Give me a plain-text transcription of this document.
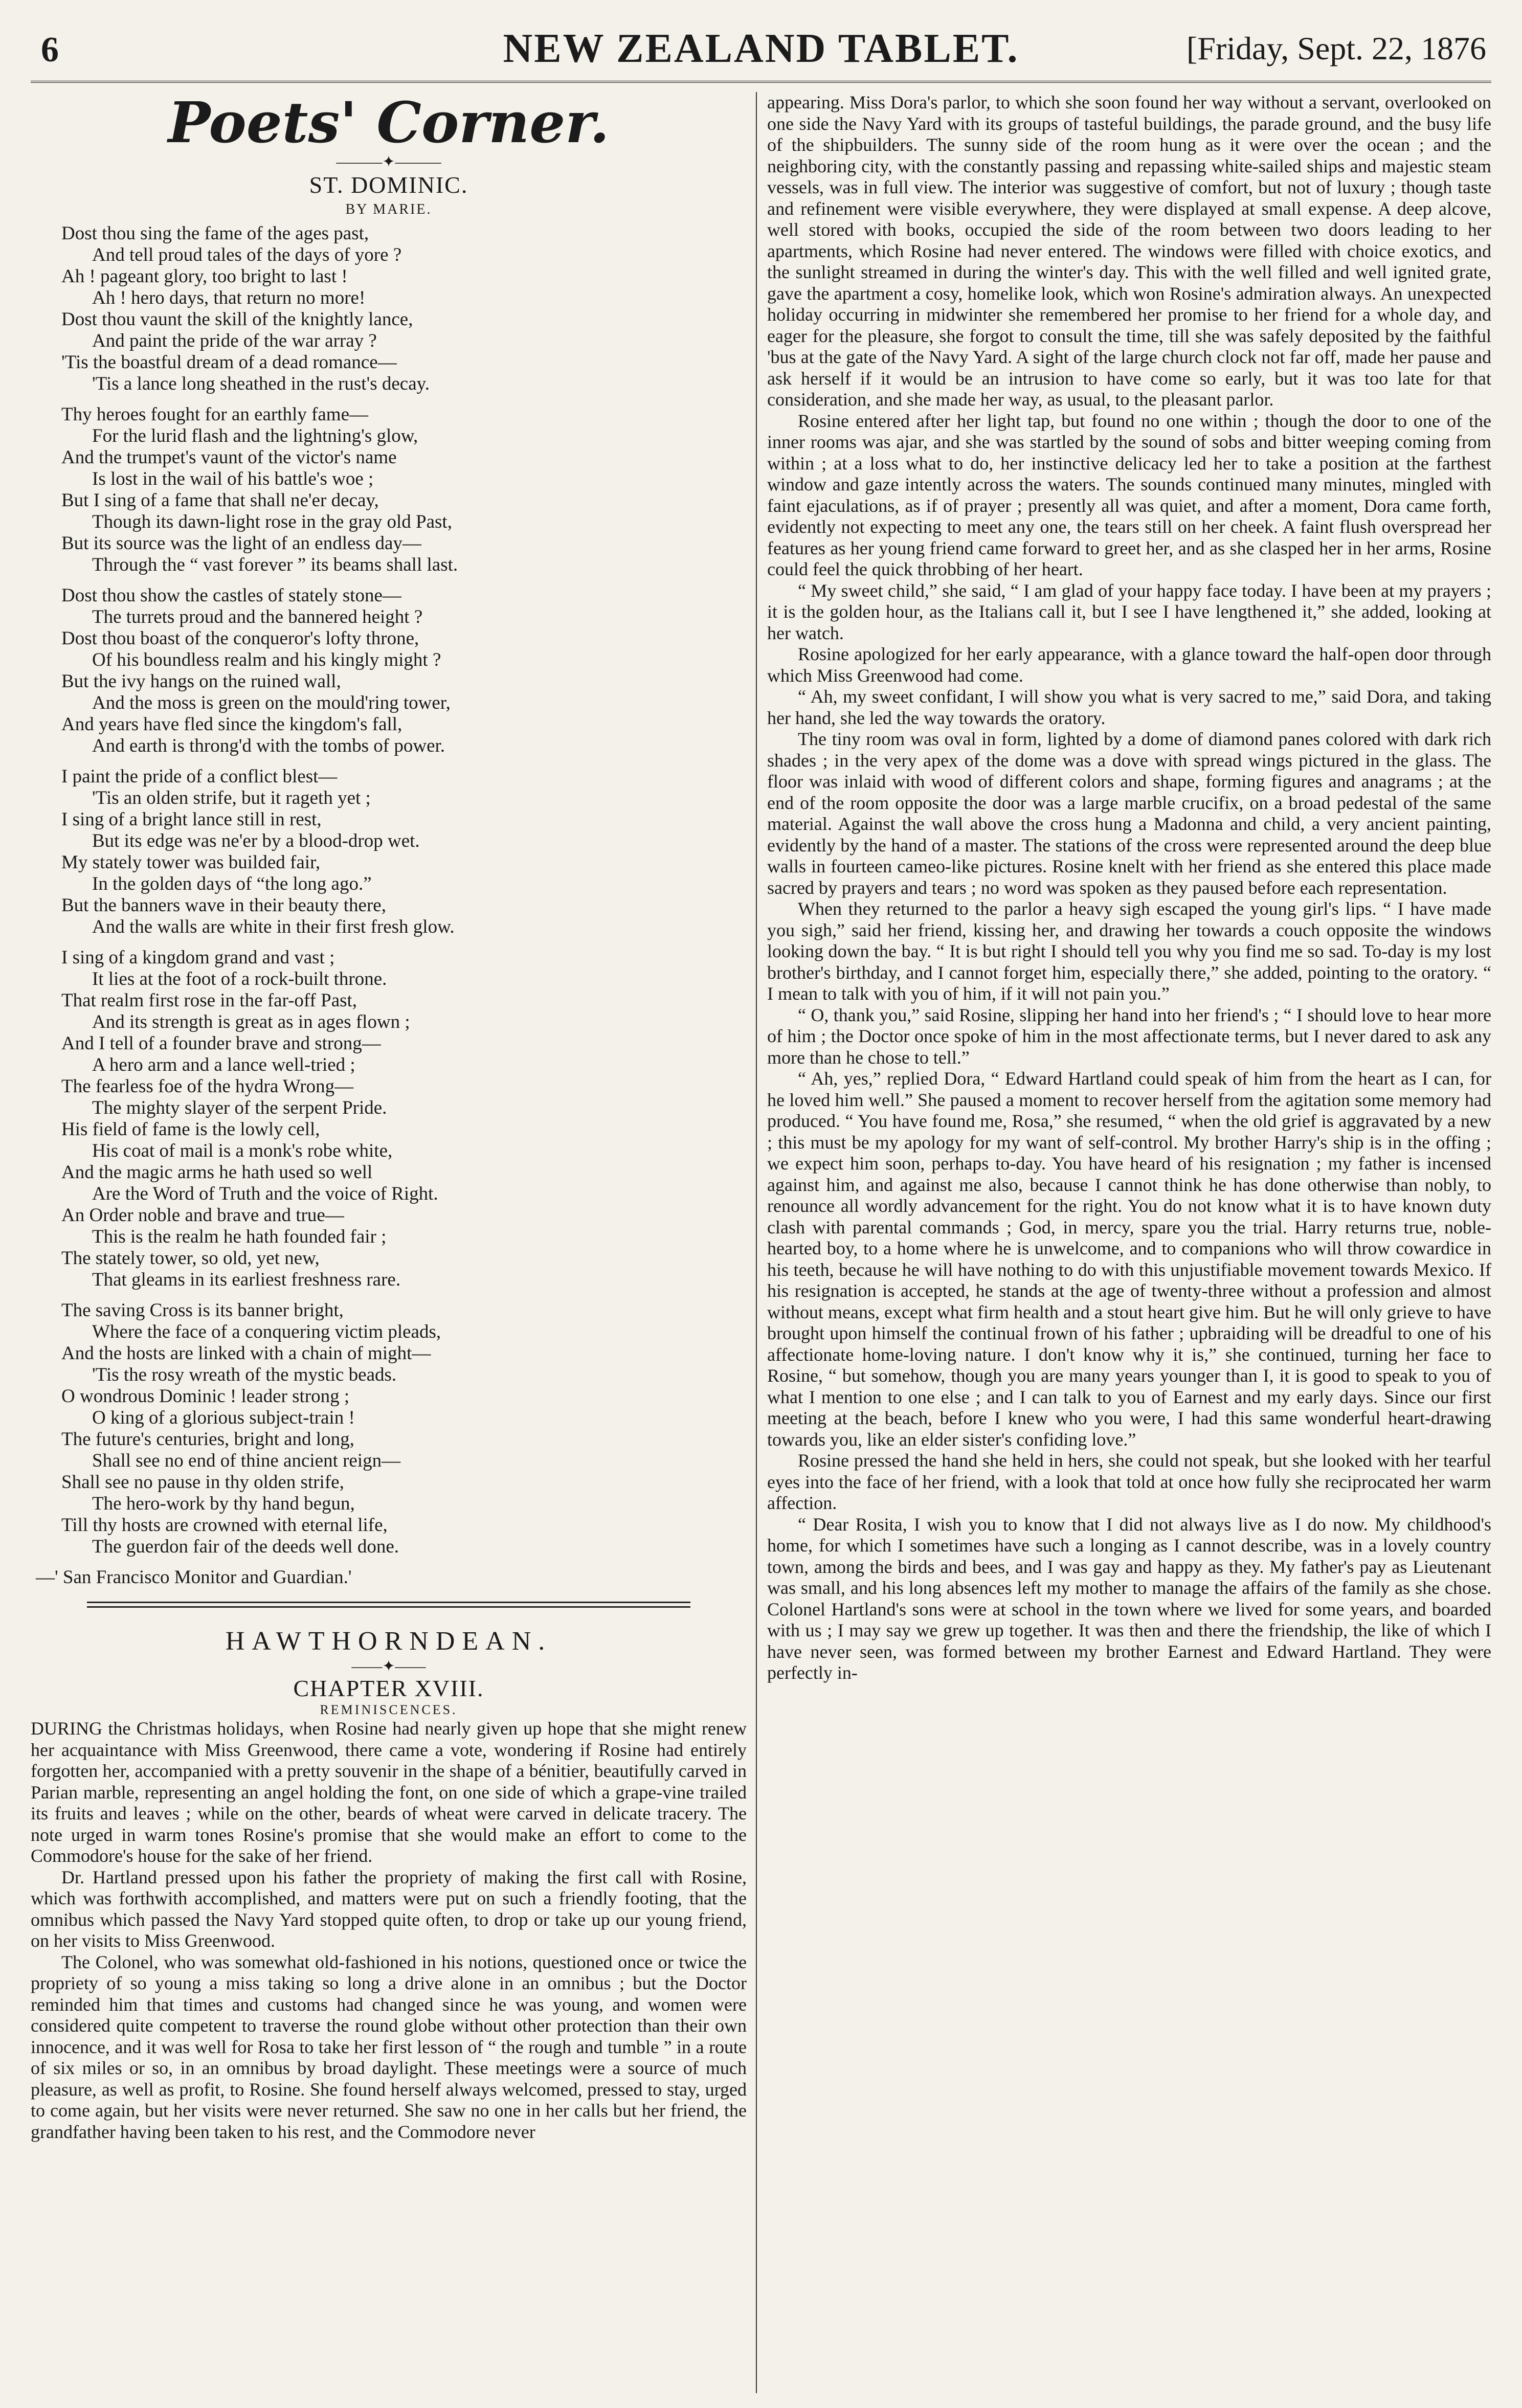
6	NEW ZEALAND TABLET.	[Friday, Sept. 22, 1876
Poets' Corner.
———✦———
ST. DOMINIC.
BY MARIE.
Dost thou sing the fame of the ages past,
And tell proud tales of the days of yore ?
Ah ! pageant glory, too bright to last !
Ah ! hero days, that return no more!
Dost thou vaunt the skill of the knightly lance,
And paint the pride of the war array ?
'Tis the boastful dream of a dead romance—
'Tis a lance long sheathed in the rust's decay.
Thy heroes fought for an earthly fame—
For the lurid flash and the lightning's glow,
And the trumpet's vaunt of the victor's name
Is lost in the wail of his battle's woe ;
But I sing of a fame that shall ne'er decay,
Though its dawn-light rose in the gray old Past,
But its source was the light of an endless day—
Through the “ vast forever ” its beams shall last.
Dost thou show the castles of stately stone—
The turrets proud and the bannered height ?
Dost thou boast of the conqueror's lofty throne,
Of his boundless realm and his kingly might ?
But the ivy hangs on the ruined wall,
And the moss is green on the mould'ring tower,
And years have fled since the kingdom's fall,
And earth is throng'd with the tombs of power.
I paint the pride of a conflict blest—
'Tis an olden strife, but it rageth yet ;
I sing of a bright lance still in rest,
But its edge was ne'er by a blood-drop wet.
My stately tower was builded fair,
In the golden days of “the long ago.”
But the banners wave in their beauty there,
And the walls are white in their first fresh glow.
I sing of a kingdom grand and vast ;
It lies at the foot of a rock-built throne.
That realm first rose in the far-off Past,
And its strength is great as in ages flown ;
And I tell of a founder brave and strong—
A hero arm and a lance well-tried ;
The fearless foe of the hydra Wrong—
The mighty slayer of the serpent Pride.
His field of fame is the lowly cell,
His coat of mail is a monk's robe white,
And the magic arms he hath used so well
Are the Word of Truth and the voice of Right.
An Order noble and brave and true—
This is the realm he hath founded fair ;
The stately tower, so old, yet new,
That gleams in its earliest freshness rare.
The saving Cross is its banner bright,
Where the face of a conquering victim pleads,
And the hosts are linked with a chain of might—
'Tis the rosy wreath of the mystic beads.
O wondrous Dominic ! leader strong ;
O king of a glorious subject-train !
The future's centuries, bright and long,
Shall see no end of thine ancient reign—
Shall see no pause in thy olden strife,
The hero-work by thy hand begun,
Till thy hosts are crowned with eternal life,
The guerdon fair of the deeds well done.
—' San Francisco Monitor and Guardian.'
HAWTHORNDEAN.
——✦——
CHAPTER XVIII.
REMINISCENCES.

DURING the Christmas holidays, when Rosine had nearly given up hope that she might renew her acquaintance with Miss Greenwood, there came a vote, wondering if Rosine had entirely forgotten her, accompanied with a pretty souvenir in the shape of a bénitier, beautifully carved in Parian marble, representing an angel holding the font, on one side of which a grape-vine trailed its fruits and leaves ; while on the other, beards of wheat were carved in delicate tracery. The note urged in warm tones Rosine's promise that she would make an effort to come to the Commodore's house for the sake of her friend.

Dr. Hartland pressed upon his father the propriety of making the first call with Rosine, which was forthwith accomplished, and matters were put on such a friendly footing, that the omnibus which passed the Navy Yard stopped quite often, to drop or take up our young friend, on her visits to Miss Greenwood.

The Colonel, who was somewhat old-fashioned in his notions, questioned once or twice the propriety of so young a miss taking so long a drive alone in an omnibus ; but the Doctor reminded him that times and customs had changed since he was young, and women were considered quite competent to traverse the round globe without other protection than their own innocence, and it was well for Rosa to take her first lesson of “ the rough and tumble ” in a route of six miles or so, in an omnibus by broad daylight. These meetings were a source of much pleasure, as well as profit, to Rosine. She found herself always welcomed, pressed to stay, urged to come again, but her visits were never returned. She saw no one in her calls but her friend, the grandfather having been taken to his rest, and the Commodore never

appearing. Miss Dora's parlor, to which she soon found her way without a servant, overlooked on one side the Navy Yard with its groups of tasteful buildings, the parade ground, and the busy life of the shipbuilders. The sunny side of the room hung as it were over the ocean ; and the neighboring city, with the constantly passing and repassing white-sailed ships and majestic steam vessels, was in full view. The interior was suggestive of comfort, but not of luxury ; though taste and refinement were visible everywhere, they were displayed at small expense. A deep alcove, well stored with books, occupied the side of the room between two doors leading to her apartments, which Rosine had never entered. The windows were filled with choice exotics, and the sunlight streamed in during the winter's day. This with the well filled and well ignited grate, gave the apartment a cosy, homelike look, which won Rosine's admiration always. An unexpected holiday occurring in midwinter she remembered her promise to her friend for a whole day, and eager for the pleasure, she forgot to consult the time, till she was safely deposited by the faithful 'bus at the gate of the Navy Yard. A sight of the large church clock not far off, made her pause and ask herself if it would be an intrusion to have come so early, but it was too late for that consideration, and she made her way, as usual, to the pleasant parlor.

Rosine entered after her light tap, but found no one within ; though the door to one of the inner rooms was ajar, and she was startled by the sound of sobs and bitter weeping coming from within ; at a loss what to do, her instinctive delicacy led her to take a position at the farthest window and gaze intently across the waters. The sounds continued many minutes, mingled with faint ejaculations, as if of prayer ; presently all was quiet, and after a moment, Dora came forth, evidently not expecting to meet any one, the tears still on her cheek. A faint flush overspread her features as her young friend came forward to greet her, and as she clasped her in her arms, Rosine could feel the quick throbbing of her heart.

“ My sweet child,” she said, “ I am glad of your happy face today. I have been at my prayers ; it is the golden hour, as the Italians call it, but I see I have lengthened it,” she added, looking at her watch.

Rosine apologized for her early appearance, with a glance toward the half-open door through which Miss Greenwood had come.

“ Ah, my sweet confidant, I will show you what is very sacred to me,” said Dora, and taking her hand, she led the way towards the oratory.

The tiny room was oval in form, lighted by a dome of diamond panes colored with dark rich shades ; in the very apex of the dome was a dove with spread wings pictured in the glass. The floor was inlaid with wood of different colors and shape, forming figures and anagrams ; at the end of the room opposite the door was a large marble crucifix, on a broad pedestal of the same material. Against the wall above the cross hung a Madonna and child, a very ancient painting, evidently by the hand of a master. The stations of the cross were represented around the deep blue walls in fourteen cameo-like pictures. Rosine knelt with her friend as she entered this place made sacred by prayers and tears ; no word was spoken as they paused before each representation.

When they returned to the parlor a heavy sigh escaped the young girl's lips. “ I have made you sigh,” said her friend, kissing her, and drawing her towards a couch opposite the windows looking down the bay. “ It is but right I should tell you why you find me so sad. To-day is my lost brother's birthday, and I cannot forget him, especially there,” she added, pointing to the oratory. “ I mean to talk with you of him, if it will not pain you.”

“ O, thank you,” said Rosine, slipping her hand into her friend's ; “ I should love to hear more of him ; the Doctor once spoke of him in the most affectionate terms, but I never dared to ask any more than he chose to tell.”

“ Ah, yes,” replied Dora, “ Edward Hartland could speak of him from the heart as I can, for he loved him well.” She paused a moment to recover herself from the agitation some memory had produced. “ You have found me, Rosa,” she resumed, “ when the old grief is aggravated by a new ; this must be my apology for my want of self-control. My brother Harry's ship is in the offing ; we expect him soon, perhaps to-day. You have heard of his resignation ; my father is incensed against him, and against me also, because I cannot think he has done otherwise than nobly, to renounce all wordly advancement for the right. You do not know what it is to have known duty clash with parental commands ; God, in mercy, spare you the trial. Harry returns true, noble-hearted boy, to a home where he is unwelcome, and to companions who will throw cowardice in his teeth, because he will have nothing to do with this unjustifiable movement towards Mexico. If his resignation is accepted, he stands at the age of twenty-three without a profession and almost without means, except what firm health and a stout heart give him. But he will only grieve to have brought upon himself the continual frown of his father ; upbraiding will be dreadful to one of his affectionate home-loving nature. I don't know why it is,” she continued, turning her face to Rosine, “ but somehow, though you are many years younger than I, it is good to speak to you of what I mention to one else ; and I can talk to you of Earnest and my early days. Since our first meeting at the beach, before I knew who you were, I had this same wonderful heart-drawing towards you, like an elder sister's confiding love.”

Rosine pressed the hand she held in hers, she could not speak, but she looked with her tearful eyes into the face of her friend, with a look that told at once how fully she reciprocated her warm affection.

“ Dear Rosita, I wish you to know that I did not always live as I do now. My childhood's home, for which I sometimes have such a longing as I cannot describe, was in a lovely country town, among the birds and bees, and I was gay and happy as they. My father's pay as Lieutenant was small, and his long absences left my mother to manage the affairs of the family as she chose. Colonel Hartland's sons were at school in the town where we lived for some years, and boarded with us ; I may say we grew up together. It was then and there the friendship, the like of which I have never seen, was formed between my brother Earnest and Edward Hartland. They were perfectly in-
